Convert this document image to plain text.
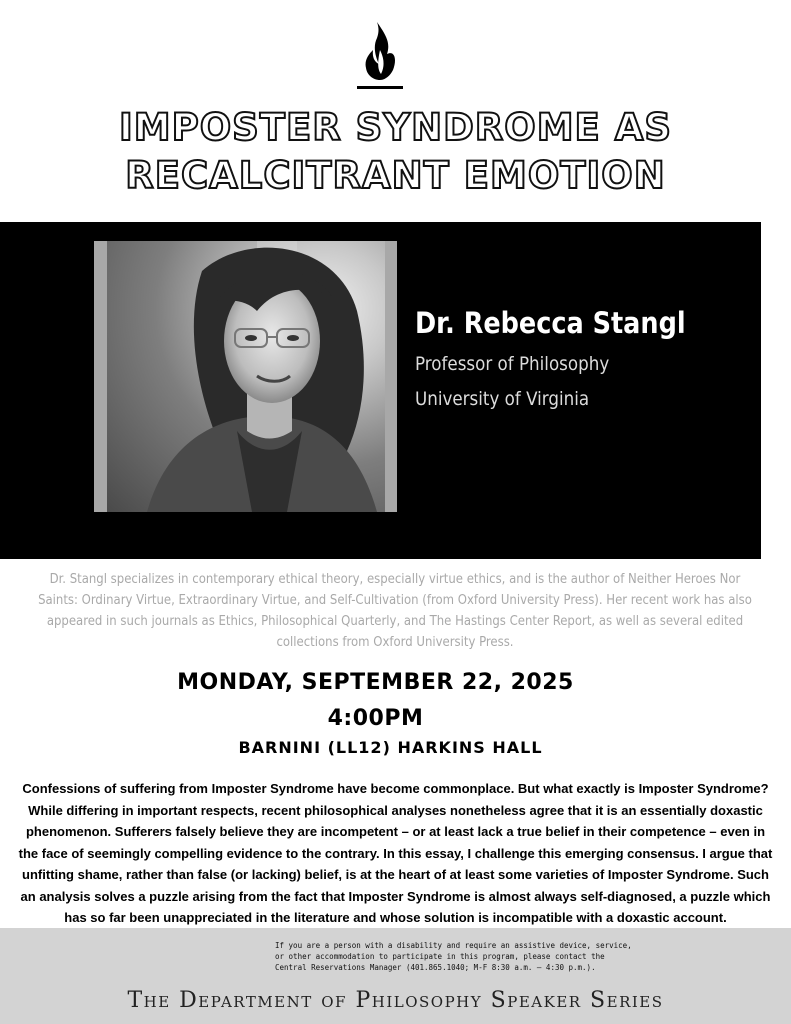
IMPOSTER SYNDROME AS
RECALCITRANT EMOTION
Dr. Rebecca Stangl
Professor of Philosophy
University of Virginia
Dr. Stangl specializes in contemporary ethical theory, especially virtue ethics, and is the author of Neither Heroes Nor Saints: Ordinary Virtue, Extraordinary Virtue, and Self-Cultivation (from Oxford University Press). Her recent work has also appeared in such journals as Ethics, Philosophical Quarterly, and The Hastings Center Report, as well as several edited collections from Oxford University Press.
MONDAY, SEPTEMBER 22, 2025
4:00PM
BARNINI (LL12) HARKINS HALL
Confessions of suffering from Imposter Syndrome have become commonplace. But what exactly is Imposter Syndrome? While differing in important respects, recent philosophical analyses nonetheless agree that it is an essentially doxastic phenomenon. Sufferers falsely believe they are incompetent – or at least lack a true belief in their competence – even in the face of seemingly compelling evidence to the contrary. In this essay, I challenge this emerging consensus. I argue that unfitting shame, rather than false (or lacking) belief, is at the heart of at least some varieties of Imposter Syndrome. Such an analysis solves a puzzle arising from the fact that Imposter Syndrome is almost always self-diagnosed, a puzzle which has so far been unappreciated in the literature and whose solution is incompatible with a doxastic account.
If you are a person with a disability and require an assistive device, service,
or other accommodation to participate in this program, please contact the
Central Reservations Manager (401.865.1040; M-F 8:30 a.m. – 4:30 p.m.).
The Department of Philosophy Speaker Series
